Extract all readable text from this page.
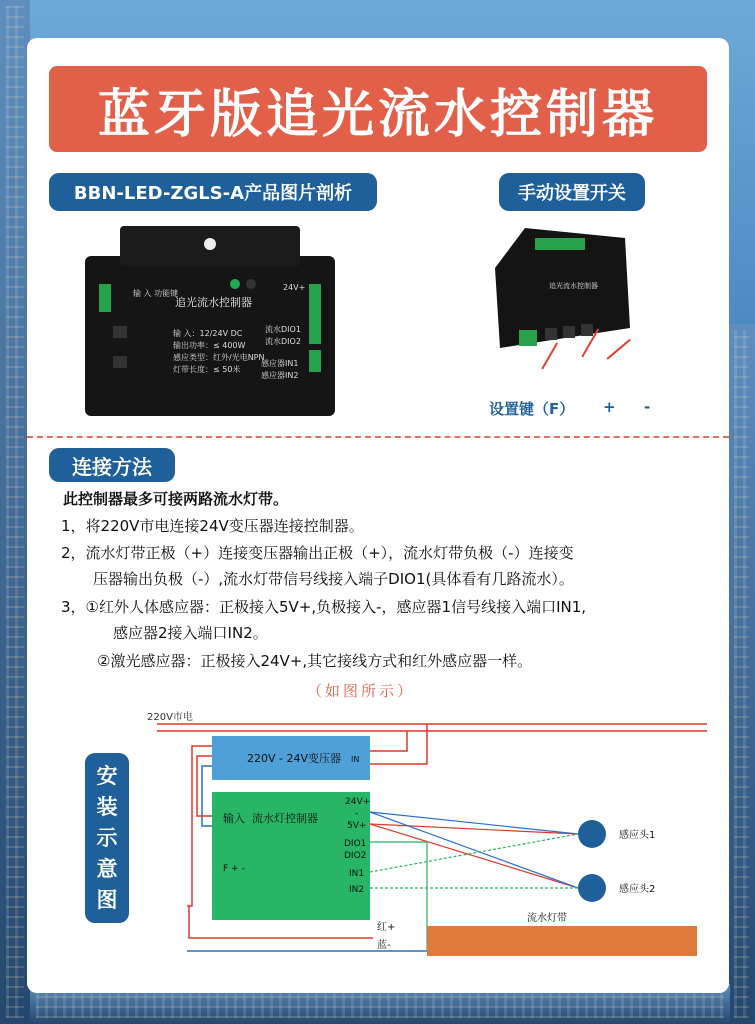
蓝牙版追光流水控制器
BBN-LED-ZGLS-A产品图片剖析	手动设置开关
追光流水控制器
输 入：12/24V DC
输出功率：≤ 400W
感应类型：红外/光电NPN
灯带长度：≤ 50米
流水DIO1
流水DIO2
感应器IN1
感应器IN2
24V+
输 入 功能键
追光流水控制器
设置键（F） + -
连接方法
此控制器最多可接两路流水灯带。
1，将220V市电连接24V变压器连接控制器。
2，流水灯带正极（+）连接变压器输出正极（+），流水灯带负极（-）连接变
压器输出负极（-）,流水灯带信号线接入端子DIO1(具体看有几路流水）。
3，①红外人体感应器：正极接入5V+,负极接入-，感应器1信号线接入端口IN1,
感应器2接入端口IN2。
②激光感应器：正极接入24V+,其它接线方式和红外感应器一样。
（如图所示）
安
装
示
意
图
220V市电
220V - 24V变压器 IN
流水灯控制器
输入
F + -
24V+
5V+
-
DIO1
DIO2
IN1
IN2
红+
蓝-
感应头1
感应头2
流水灯带
